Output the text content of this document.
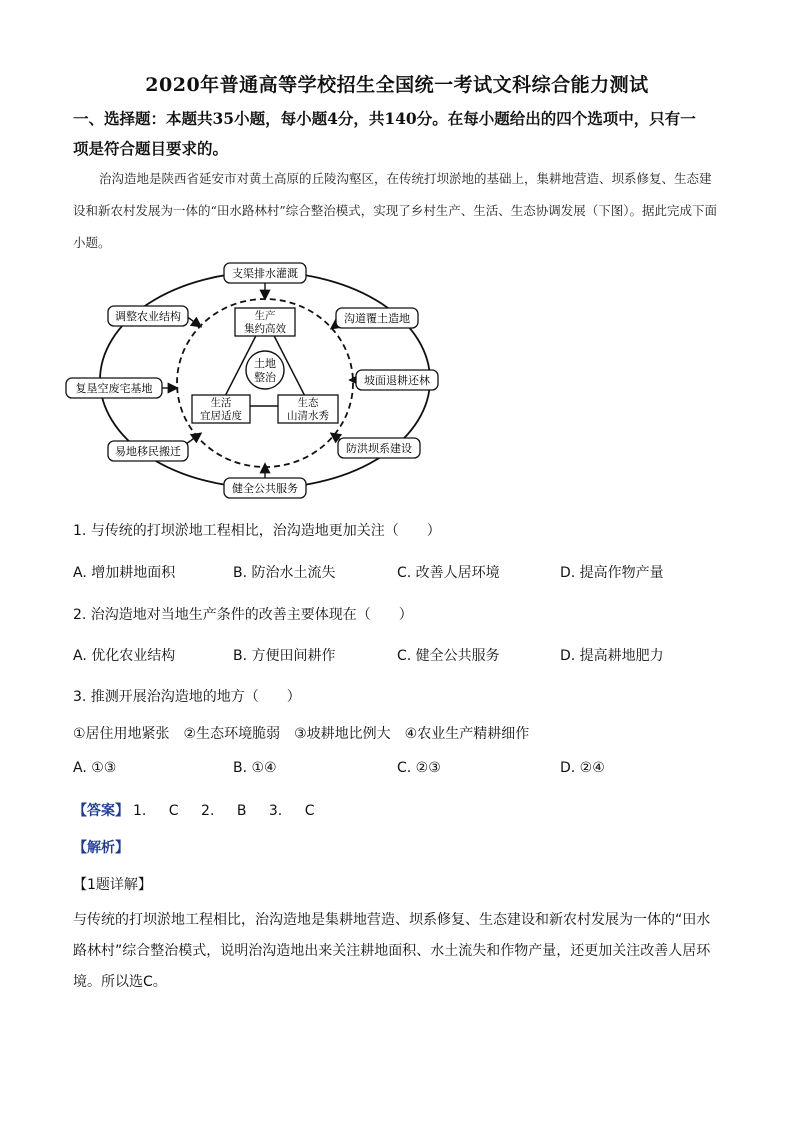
2020年普通高等学校招生全国统一考试文科综合能力测试
一、选择题：本题共35小题，每小题4分，共140分。在每小题给出的四个选项中，只有一
项是符合题目要求的。
治沟造地是陕西省延安市对黄土高原的丘陵沟壑区，在传统打坝淤地的基础上，集耕地营造、坝系修复、生态建设和新农村发展为一体的“田水路林村”综合整治模式，实现了乡村生产、生活、生态协调发展（下图）。据此完成下面小题。
土地
整治
生产
集约高效
生活
宜居适度
生态
山清水秀
支渠排水灌溉
沟道覆土造地
坡面退耕还林
防洪坝系建设
健全公共服务
易地移民搬迁
复垦空废宅基地
调整农业结构
1. 与传统的打坝淤地工程相比，治沟造地更加关注（　　）
A. 增加耕地面积	B. 防治水土流失	C. 改善人居环境	D. 提高作物产量
2. 治沟造地对当地生产条件的改善主要体现在（　　）
A. 优化农业结构	B. 方便田间耕作	C. 健全公共服务	D. 提高耕地肥力
3. 推测开展治沟造地的地方（　　）
①居住用地紧张　②生态环境脆弱　③坡耕地比例大　④农业生产精耕细作
A. ①③	B. ①④	C. ②③	D. ②④
【答案】 1. C 2. B 3. C
【解析】
【1题详解】
与传统的打坝淤地工程相比，治沟造地是集耕地营造、坝系修复、生态建设和新农村发展为一体的“田水路林村”综合整治模式，说明治沟造地出来关注耕地面积、水土流失和作物产量，还更加关注改善人居环境。所以选C。
